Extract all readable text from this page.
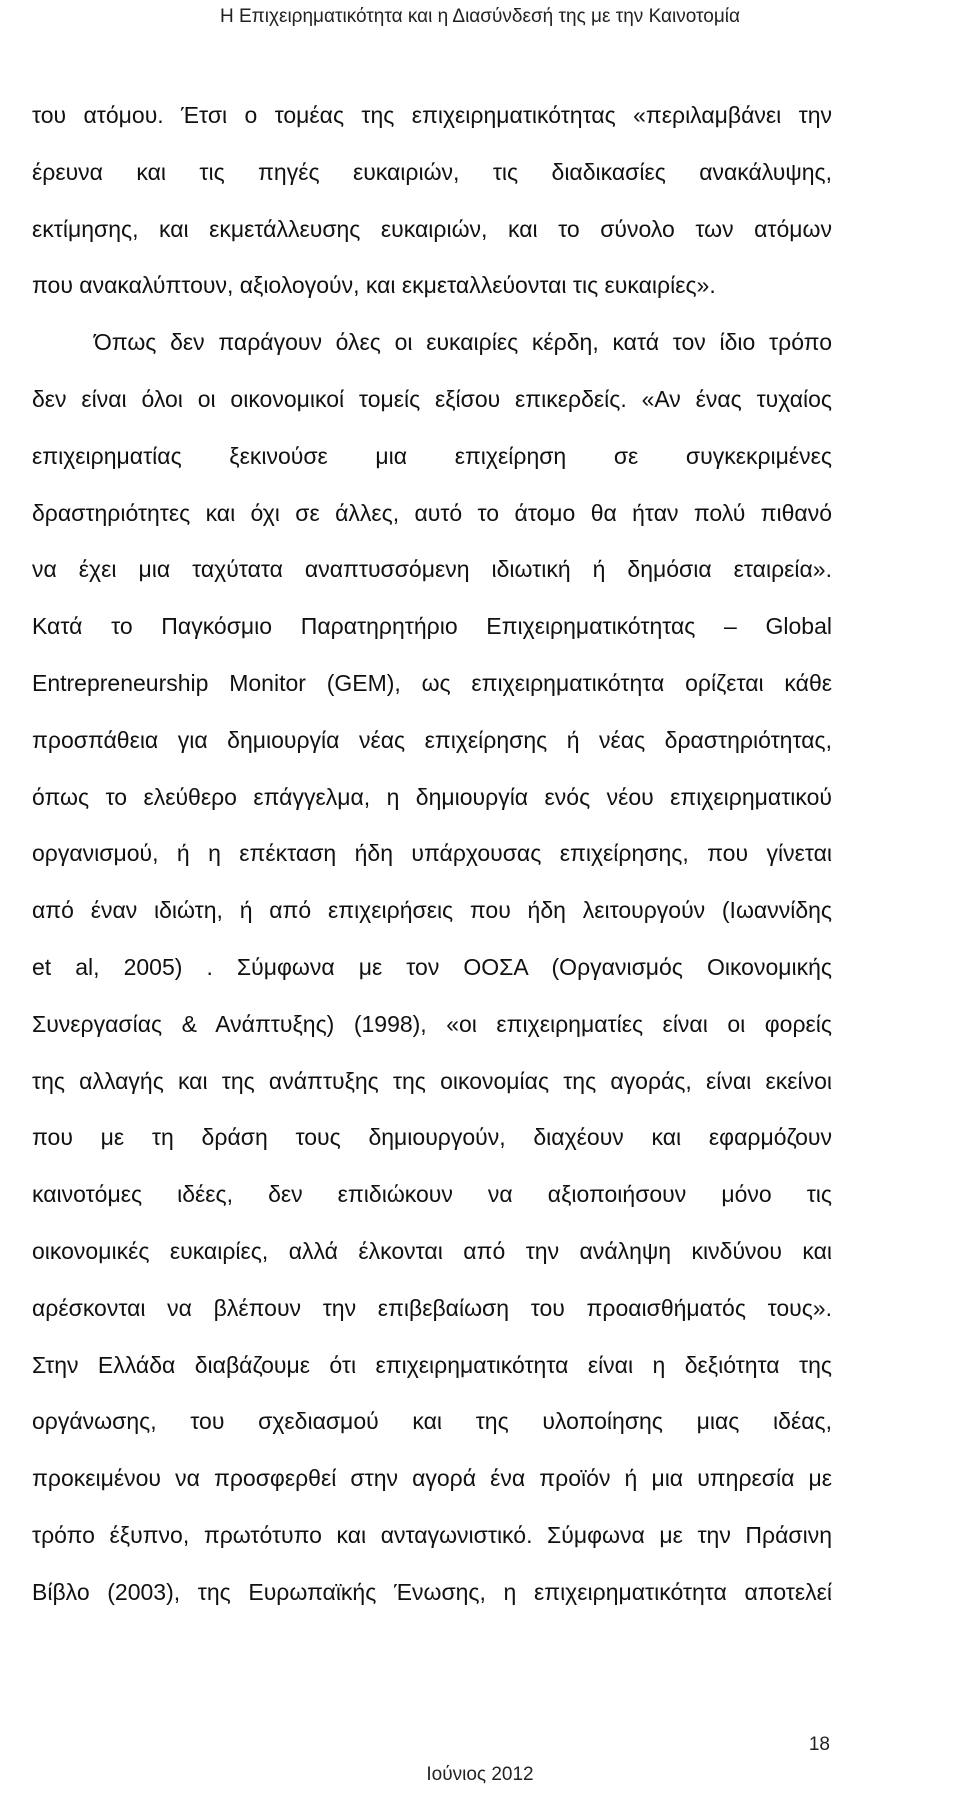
Η Επιχειρηματικότητα και η Διασύνδεσή της με την Καινοτομία
του ατόμου. Έτσι ο τομέας της επιχειρηματικότητας «περιλαμβάνει την
έρευνα και τις πηγές ευκαιριών, τις διαδικασίες ανακάλυψης,
εκτίμησης, και εκμετάλλευσης ευκαιριών, και το σύνολο των ατόμων
που ανακαλύπτουν, αξιολογούν, και εκμεταλλεύονται τις ευκαιρίες».
Όπως δεν παράγουν όλες οι ευκαιρίες κέρδη, κατά τον ίδιο τρόπο
δεν είναι όλοι οι οικονομικοί τομείς εξίσου επικερδείς. «Αν ένας τυχαίος
επιχειρηματίας ξεκινούσε μια επιχείρηση σε συγκεκριμένες
δραστηριότητες και όχι σε άλλες, αυτό το άτομο θα ήταν πολύ πιθανό
να έχει μια ταχύτατα αναπτυσσόμενη ιδιωτική ή δημόσια εταιρεία».
Κατά το Παγκόσμιο Παρατηρητήριο Επιχειρηματικότητας – Global
Entrepreneurship Monitor (GEM), ως επιχειρηματικότητα ορίζεται κάθε
προσπάθεια για δημιουργία νέας επιχείρησης ή νέας δραστηριότητας,
όπως το ελεύθερο επάγγελμα, η δημιουργία ενός νέου επιχειρηματικού
οργανισμού, ή η επέκταση ήδη υπάρχουσας επιχείρησης, που γίνεται
από έναν ιδιώτη, ή από επιχειρήσεις που ήδη λειτουργούν (Ιωαννίδης
et al, 2005) . Σύμφωνα με τον ΟΟΣΑ (Οργανισμός Οικονομικής
Συνεργασίας & Ανάπτυξης) (1998), «οι επιχειρηματίες είναι οι φορείς
της αλλαγής και της ανάπτυξης της οικονομίας της αγοράς, είναι εκείνοι
που με τη δράση τους δημιουργούν, διαχέουν και εφαρμόζουν
καινοτόμες ιδέες, δεν επιδιώκουν να αξιοποιήσουν μόνο τις
οικονομικές ευκαιρίες, αλλά έλκονται από την ανάληψη κινδύνου και
αρέσκονται να βλέπουν την επιβεβαίωση του προαισθήματός τους».
Στην Ελλάδα διαβάζουμε ότι επιχειρηματικότητα είναι η δεξιότητα της
οργάνωσης, του σχεδιασμού και της υλοποίησης μιας ιδέας,
προκειμένου να προσφερθεί στην αγορά ένα προϊόν ή μια υπηρεσία με
τρόπο έξυπνο, πρωτότυπο και ανταγωνιστικό. Σύμφωνα με την Πράσινη
Βίβλο (2003), της Ευρωπαϊκής Ένωσης, η επιχειρηματικότητα αποτελεί
18
Ιούνιος 2012
